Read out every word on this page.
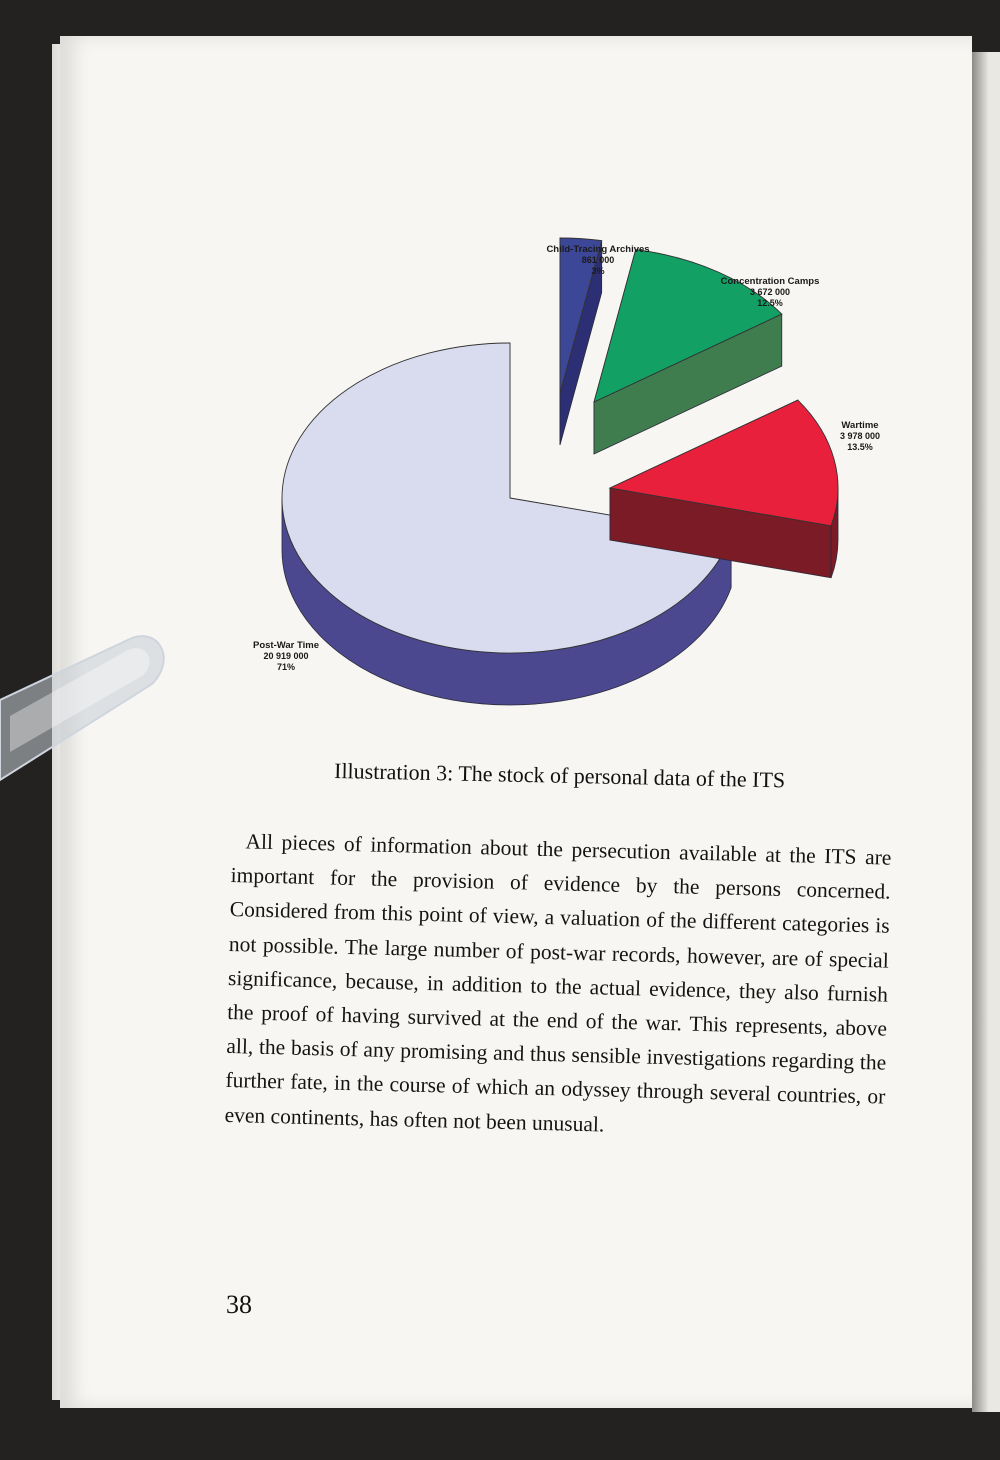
Post-War Time
20 919 000
71%
Child-Tracing Archives
861 000
3%
Concentration Camps
3 672 000
12.5%
Wartime
3 978 000
13.5%
Illustration 3: The stock of personal data of the ITS

All pieces of information about the persecution available at the ITS are important for the provision of evidence by the persons concerned. Considered from this point of view, a valuation of the different categories is not possible. The large number of post-war records, however, are of special significance, because, in addition to the actual evidence, they also furnish the proof of having survived at the end of the war. This represents, above all, the basis of any promising and thus sensible investigations regarding the further fate, in the course of which an odyssey through several countries, or even continents, has often not been unusual.

38
